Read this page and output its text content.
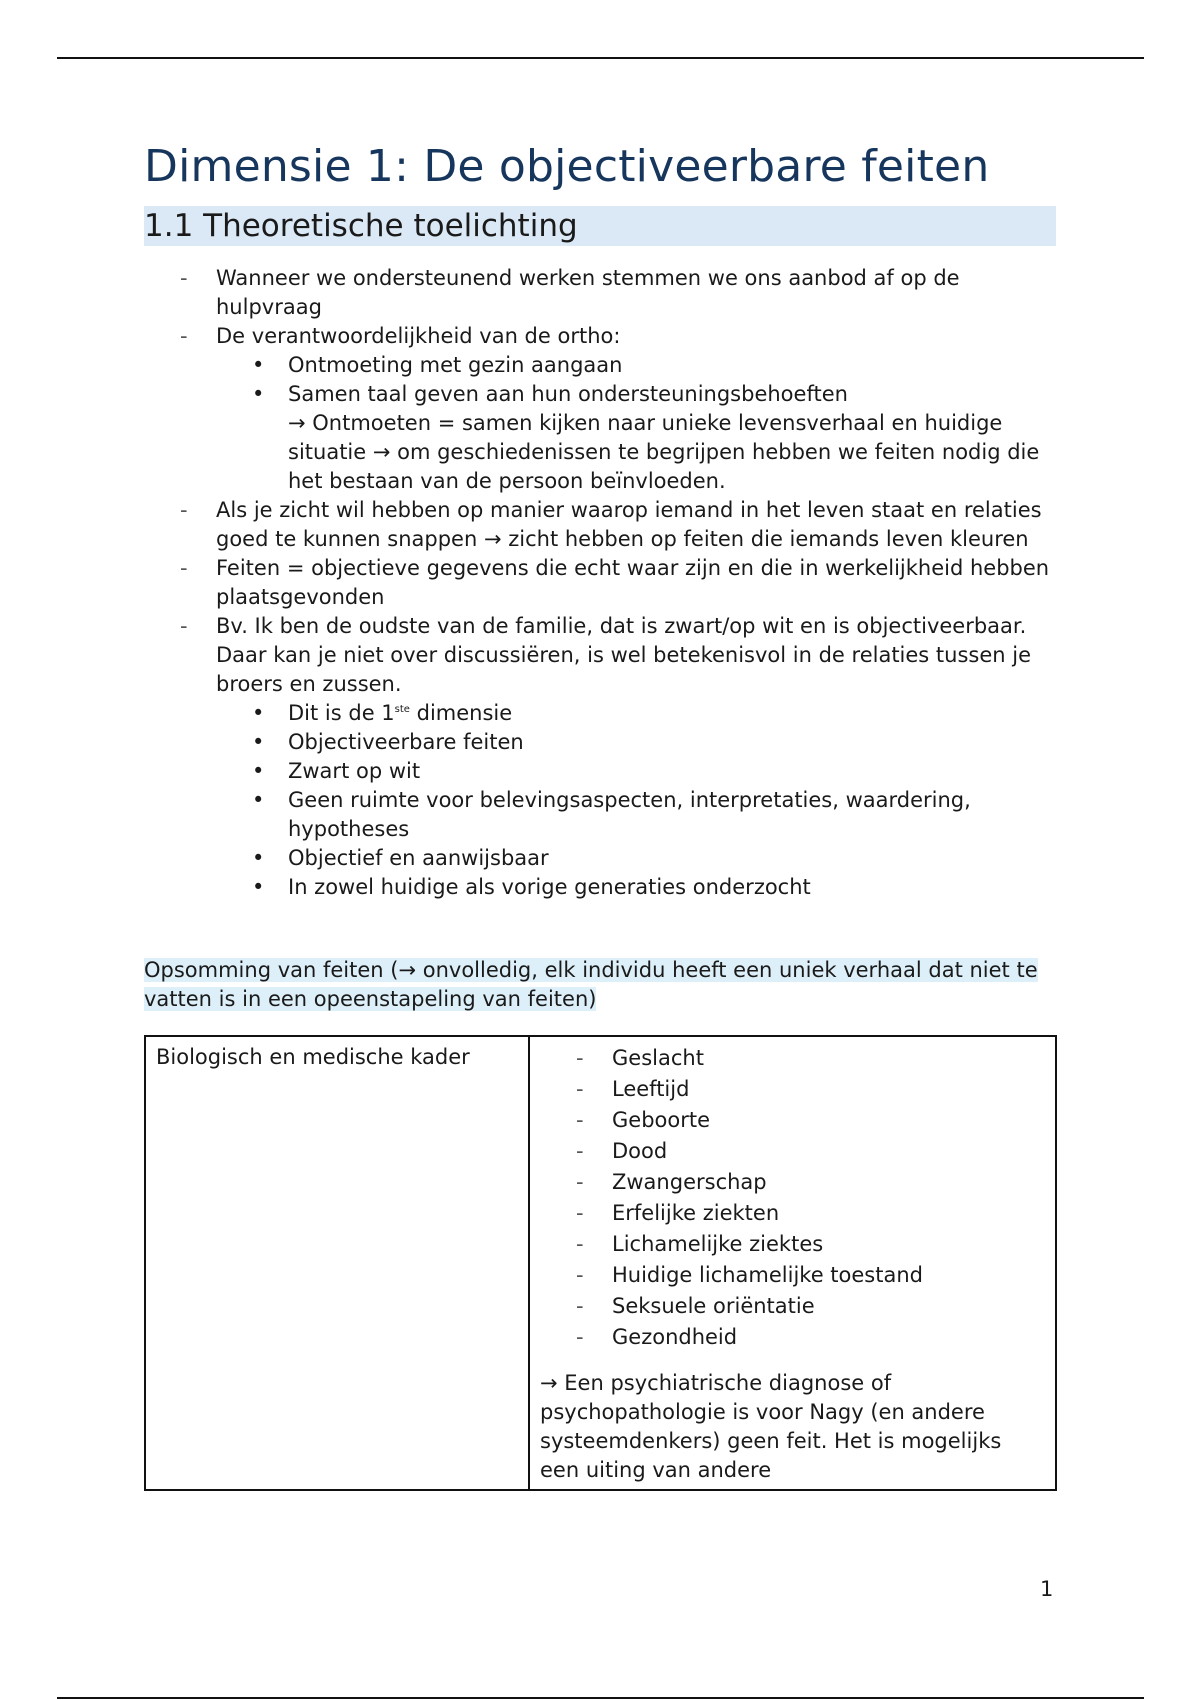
Dimensie 1: De objectiveerbare feiten
1.1 Theoretische toelichting
- Wanneer we ondersteunend werken stemmen we ons aanbod af op de hulpvraag
- De verantwoordelijkheid van de ortho:
• Ontmoeting met gezin aangaan
• Samen taal geven aan hun ondersteuningsbehoeften
→ Ontmoeten = samen kijken naar unieke levensverhaal en huidige situatie → om geschiedenissen te begrijpen hebben we feiten nodig die het bestaan van de persoon beïnvloeden.
- Als je zicht wil hebben op manier waarop iemand in het leven staat en relaties goed te kunnen snappen → zicht hebben op feiten die iemands leven kleuren
- Feiten = objectieve gegevens die echt waar zijn en die in werkelijkheid hebben plaatsgevonden
- Bv. Ik ben de oudste van de familie, dat is zwart/op wit en is objectiveerbaar. Daar kan je niet over discussiëren, is wel betekenisvol in de relaties tussen je broers en zussen.
• Dit is de 1ste dimensie
• Objectiveerbare feiten
• Zwart op wit
• Geen ruimte voor belevingsaspecten, interpretaties, waardering, hypotheses
• Objectief en aanwijsbaar
• In zowel huidige als vorige generaties onderzocht

Opsomming van feiten (→ onvolledig, elk individu heeft een uniek verhaal dat niet te vatten is in een opeenstapeling van feiten)

Biologisch en medische kader	
-Geslacht
- Leeftijd
- Geboorte
- Dood
- Zwangerschap
- Erfelijke ziekten
- Lichamelijke ziektes
- Huidige lichamelijke toestand
- Seksuele oriëntatie
- Gezondheid
→ Een psychiatrische diagnose of psychopathologie is voor Nagy (en andere systeemdenkers) geen feit. Het is mogelijks een uiting van andere
1
